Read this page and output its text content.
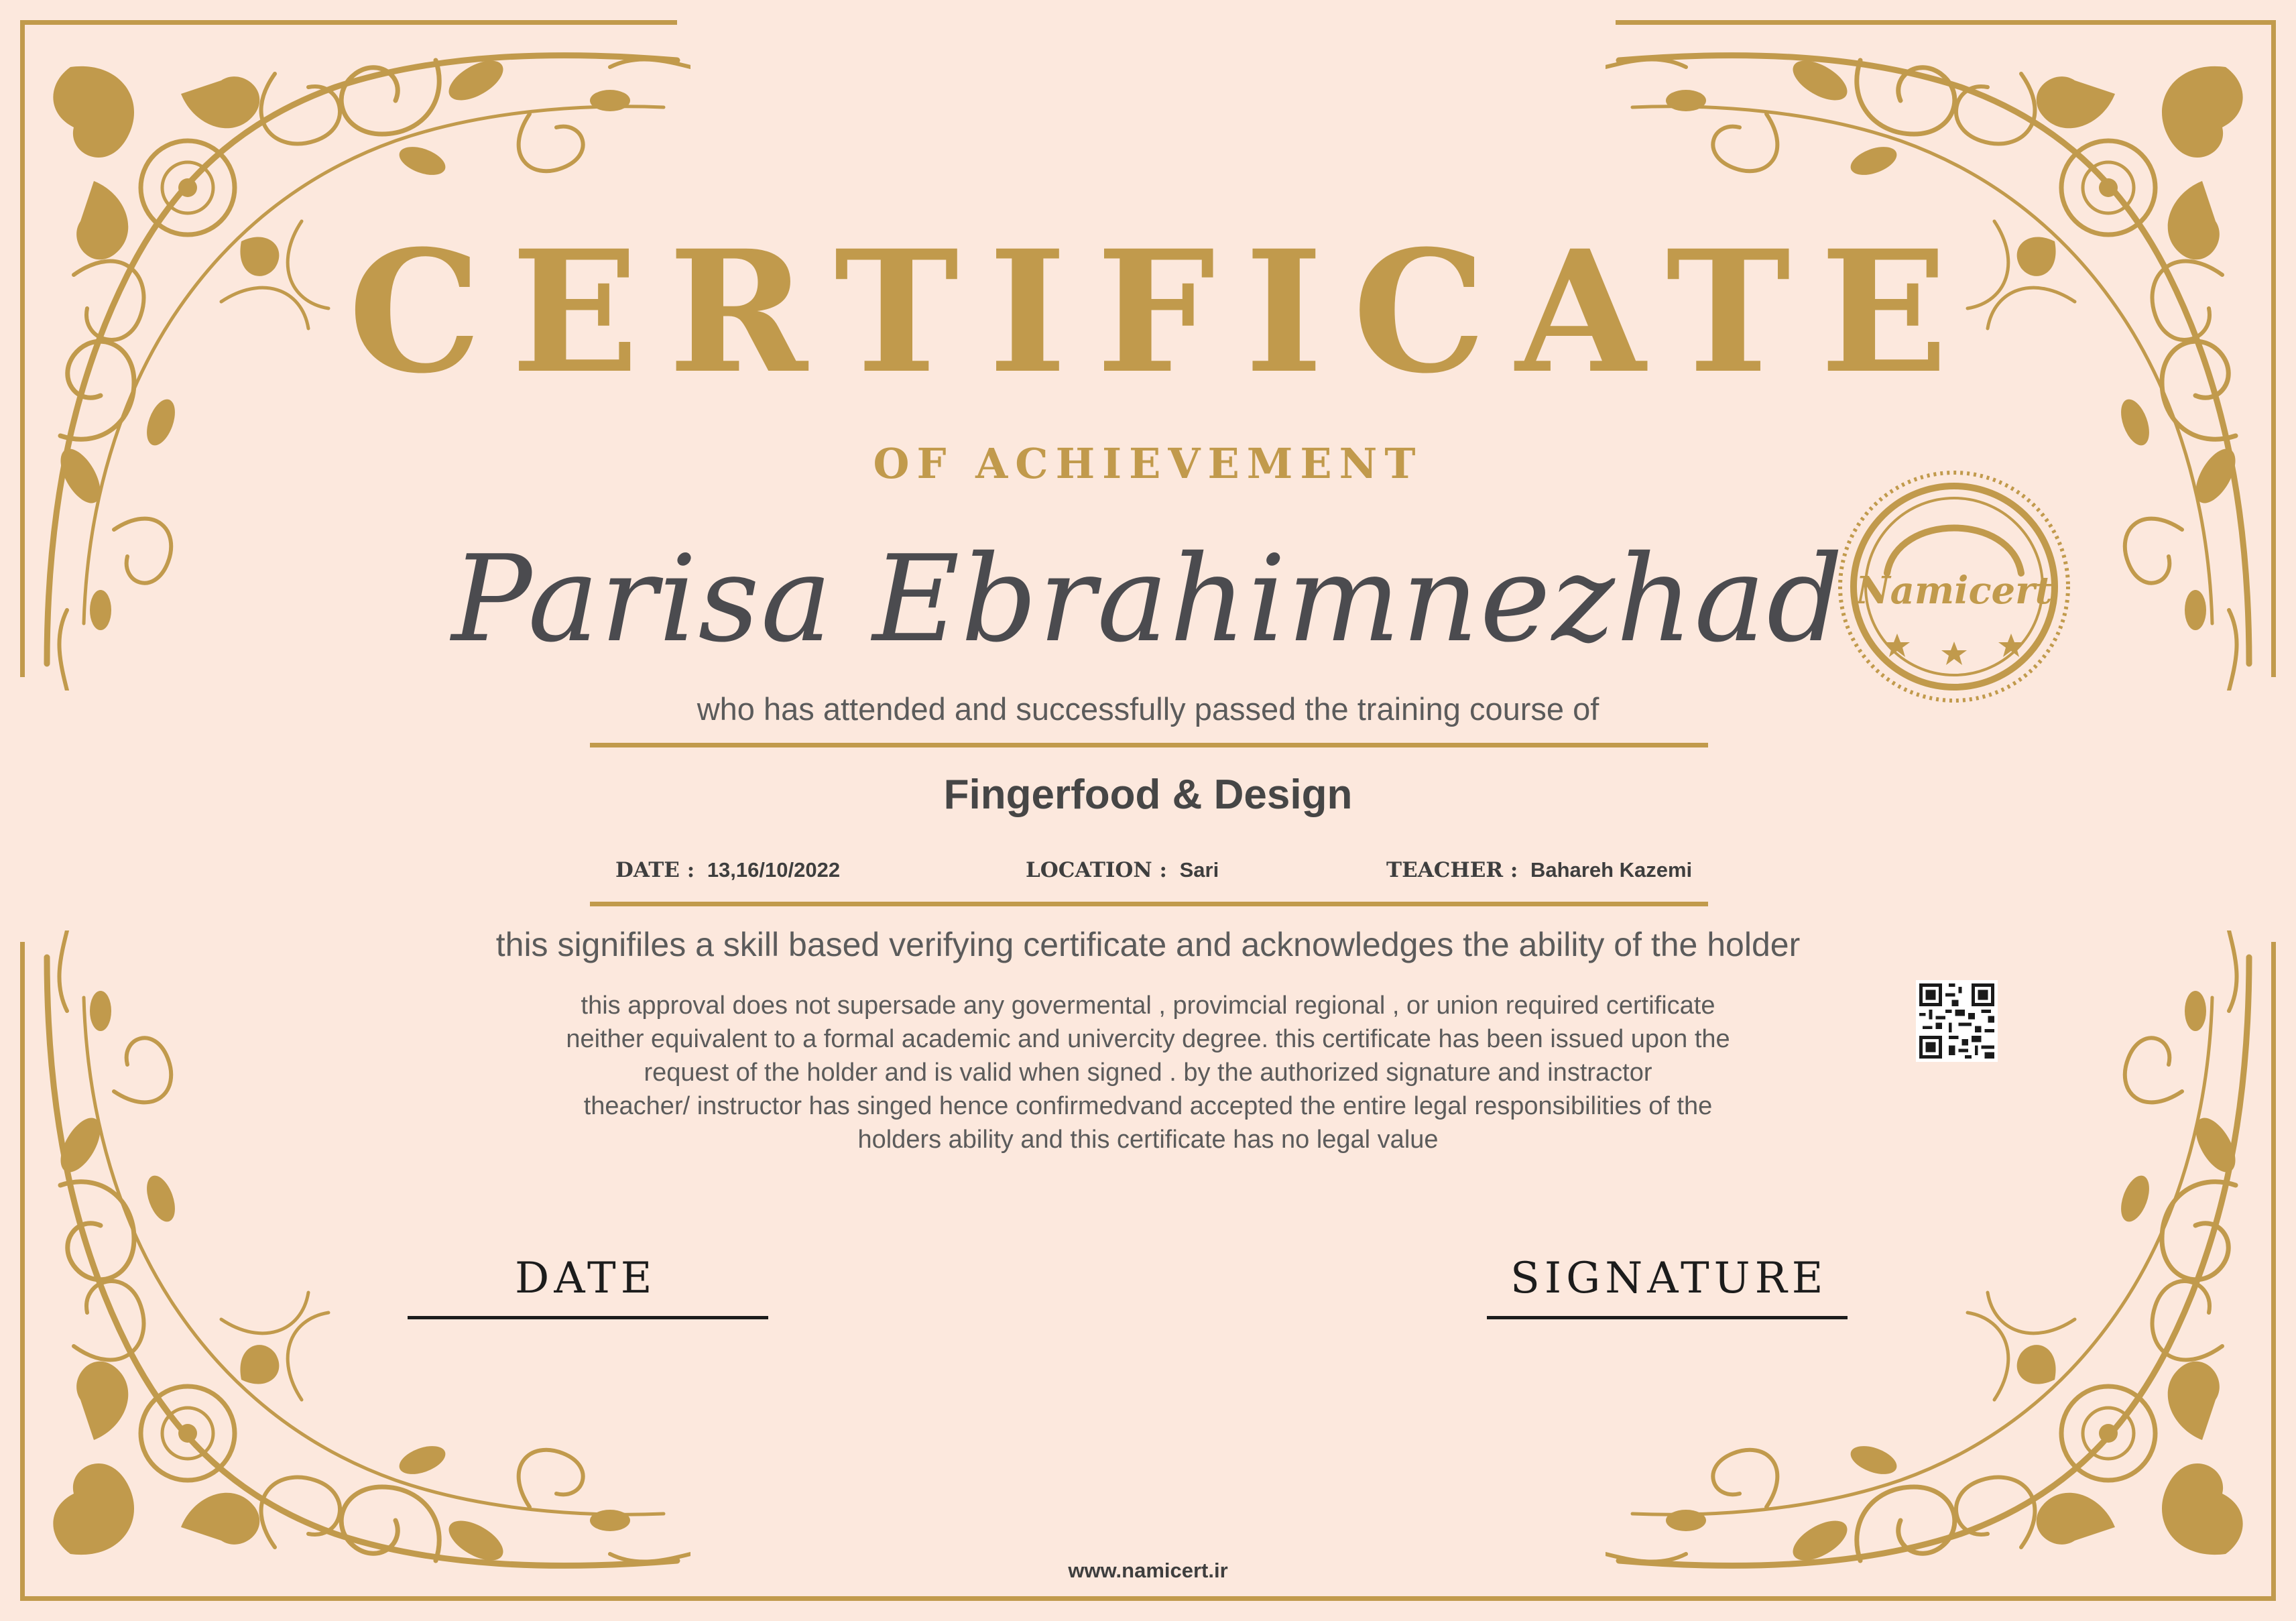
CERTIFICATE
OF ACHIEVEMENT
Parisa Ebrahimnezhad
who has attended and successfully passed the training course of
Fingerfood & Design
DATE : 13,16/10/2022	LOCATION : Sari	TEACHER : Bahareh Kazemi
this signifiles a skill based verifying certificate and acknowledges the ability of the holder
this approval does not supersade any govermental , provimcial regional , or union required certificate
neither equivalent to a formal academic and univercity degree. this certificate has been issued upon the
request of the holder and is valid when signed . by the authorized signature and instractor
theacher/ instructor has singed hence confirmedvand accepted the entire legal responsibilities of the
holders ability and this certificate has no legal value
DATE	SIGNATURE
www.namicert.ir
Namicert
